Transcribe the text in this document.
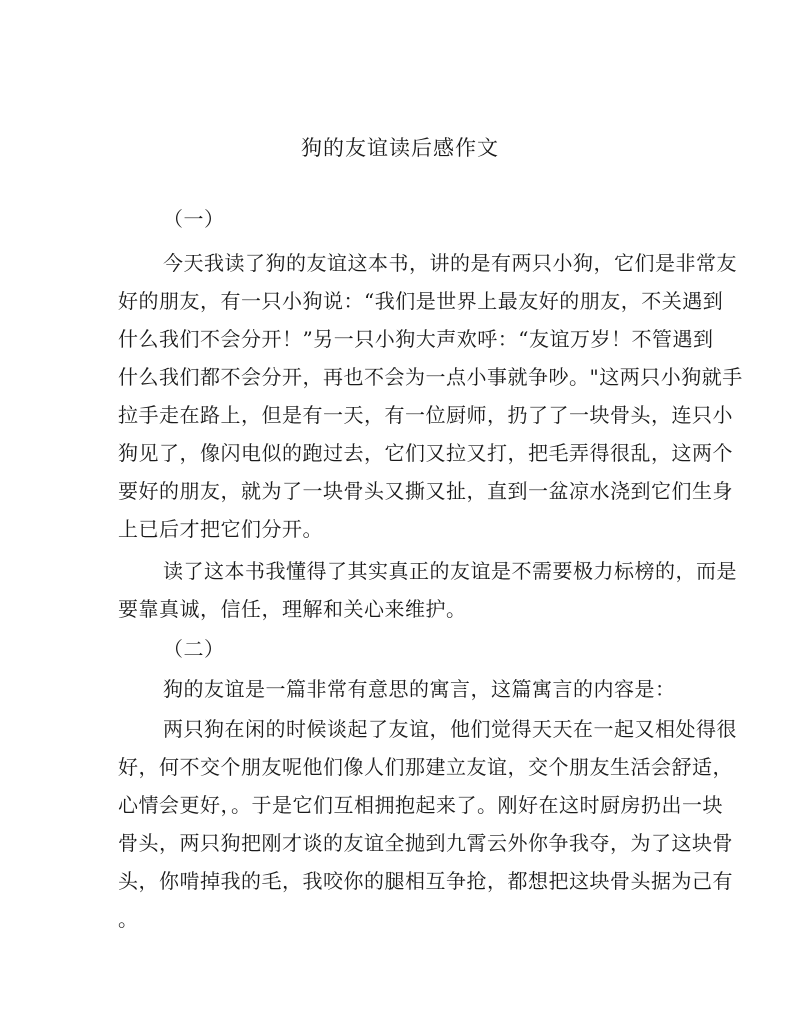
狗的友谊读后感作文
（一）
今天我读了狗的友谊这本书，讲的是有两只小狗，它们是非常友
好的朋友，有一只小狗说：“我们是世界上最友好的朋友，不关遇到
什么我们不会分开！”另一只小狗大声欢呼：“友谊万岁！不管遇到
什么我们都不会分开，再也不会为一点小事就争吵。"这两只小狗就手
拉手走在路上，但是有一天，有一位厨师，扔了了一块骨头，连只小
狗见了，像闪电似的跑过去，它们又拉又打，把毛弄得很乱，这两个
要好的朋友，就为了一块骨头又撕又扯，直到一盆凉水浇到它们生身
上已后才把它们分开。
读了这本书我懂得了其实真正的友谊是不需要极力标榜的，而是
要靠真诚，信任，理解和关心来维护。
（二）
狗的友谊是一篇非常有意思的寓言，这篇寓言的内容是：
两只狗在闲的时候谈起了友谊，他们觉得天天在一起又相处得很
好，何不交个朋友呢他们像人们那建立友谊，交个朋友生活会舒适，
心情会更好，。于是它们互相拥抱起来了。刚好在这时厨房扔出一块
骨头，两只狗把刚才谈的友谊全抛到九霄云外你争我夺，为了这块骨
头，你啃掉我的毛，我咬你的腿相互争抢，都想把这块骨头据为己有
。
